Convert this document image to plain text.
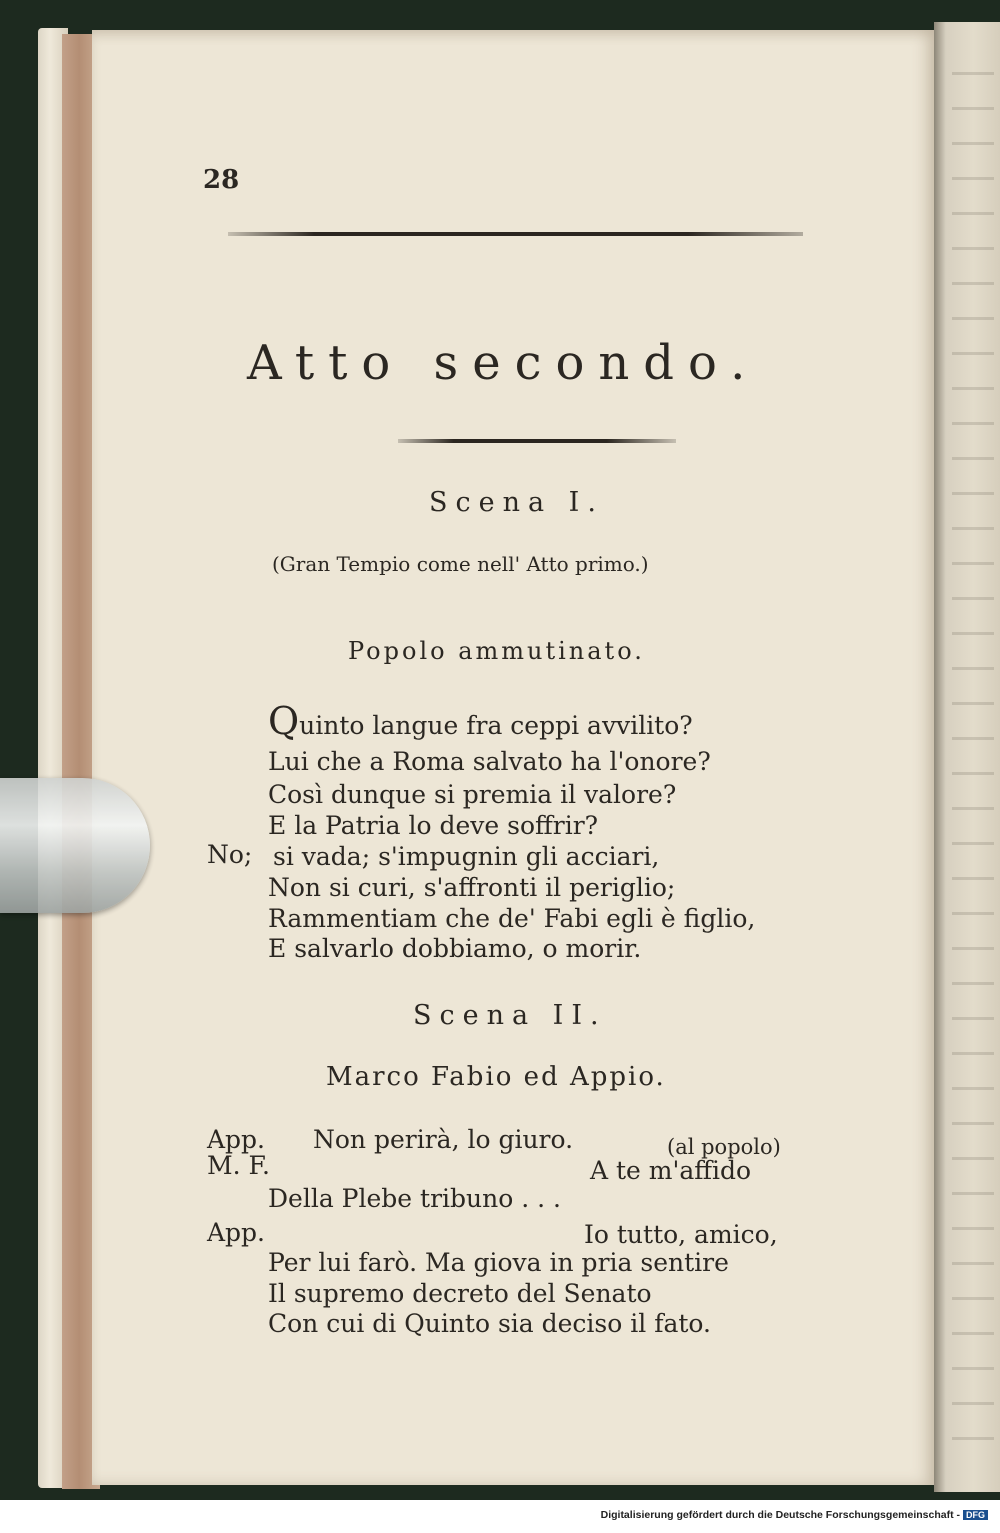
28
Atto secondo.
Scena I.
(Gran Tempio come nell' Atto primo.)
Popolo ammutinato.
Quinto langue fra ceppi avvilito?
Lui che a Roma salvato ha l'onore?
Così dunque si premia il valore?
E la Patria lo deve soffrir?
No; si vada; s'impugnin gli acciari,
Non si curi, s'affronti il periglio;
Rammentiam che de' Fabi egli è figlio,
E salvarlo dobbiamo, o morir.
Scena II.
Marco Fabio ed Appio.
App. Non perirà, lo giuro.	(al popolo)
M. F.	A te m'affido
Della Plebe tribuno . . .
App.	Io tutto, amico,
Per lui farò. Ma giova in pria sentire
Il supremo decreto del Senato
Con cui di Quinto sia deciso il fato.
Digitalisierung gefördert durch die Deutsche Forschungsgemeinschaft - DFG
